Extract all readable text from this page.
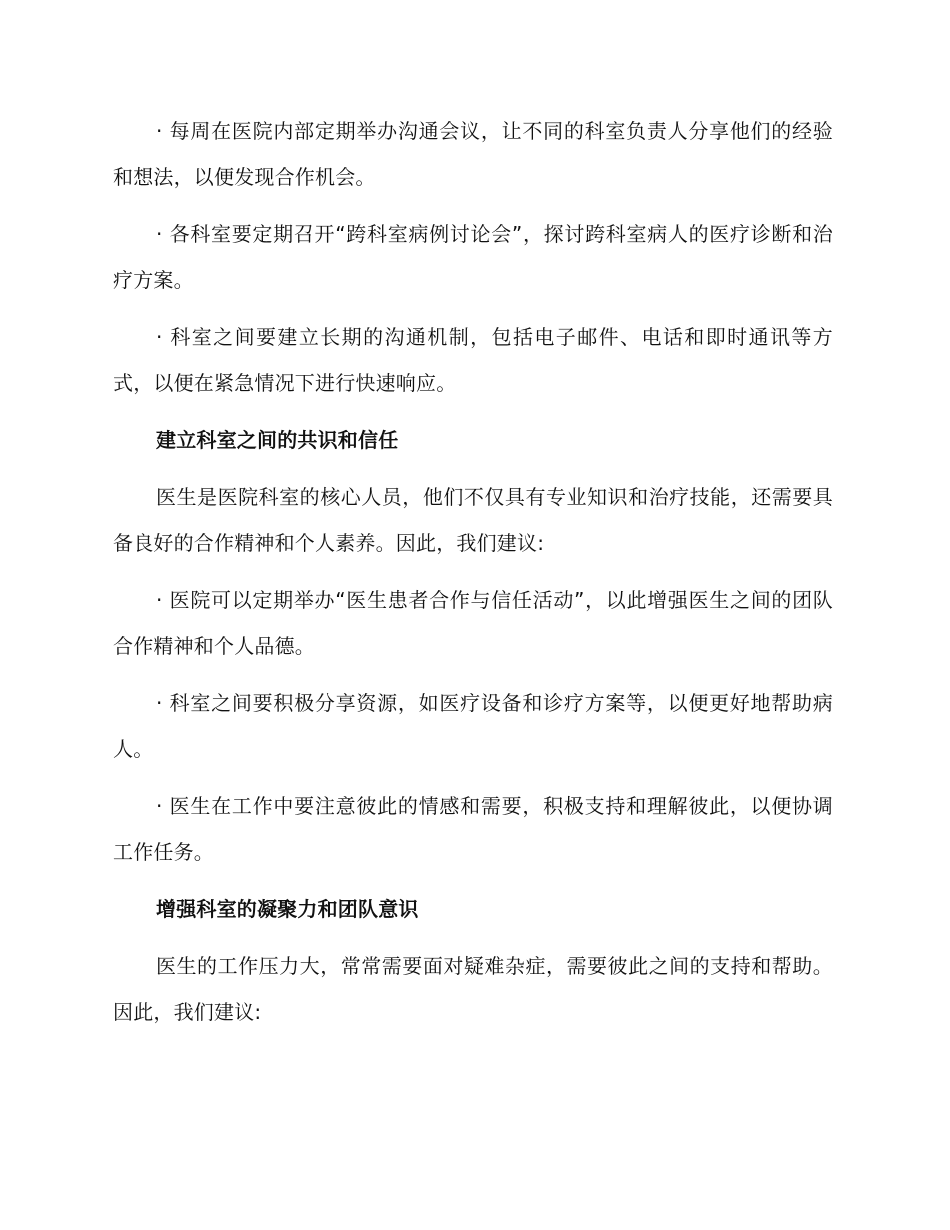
· 每周在医院内部定期举办沟通会议，让不同的科室负责人分享他们的经验和想法，以便发现合作机会。

· 各科室要定期召开“跨科室病例讨论会”，探讨跨科室病人的医疗诊断和治疗方案。

· 科室之间要建立长期的沟通机制，包括电子邮件、电话和即时通讯等方式，以便在紧急情况下进行快速响应。

建立科室之间的共识和信任

医生是医院科室的核心人员，他们不仅具有专业知识和治疗技能，还需要具备良好的合作精神和个人素养。因此，我们建议:

· 医院可以定期举办“医生患者合作与信任活动”，以此增强医生之间的团队合作精神和个人品德。

· 科室之间要积极分享资源，如医疗设备和诊疗方案等，以便更好地帮助病人。

· 医生在工作中要注意彼此的情感和需要，积极支持和理解彼此，以便协调工作任务。

增强科室的凝聚力和团队意识

医生的工作压力大，常常需要面对疑难杂症，需要彼此之间的支持和帮助。因此，我们建议:
